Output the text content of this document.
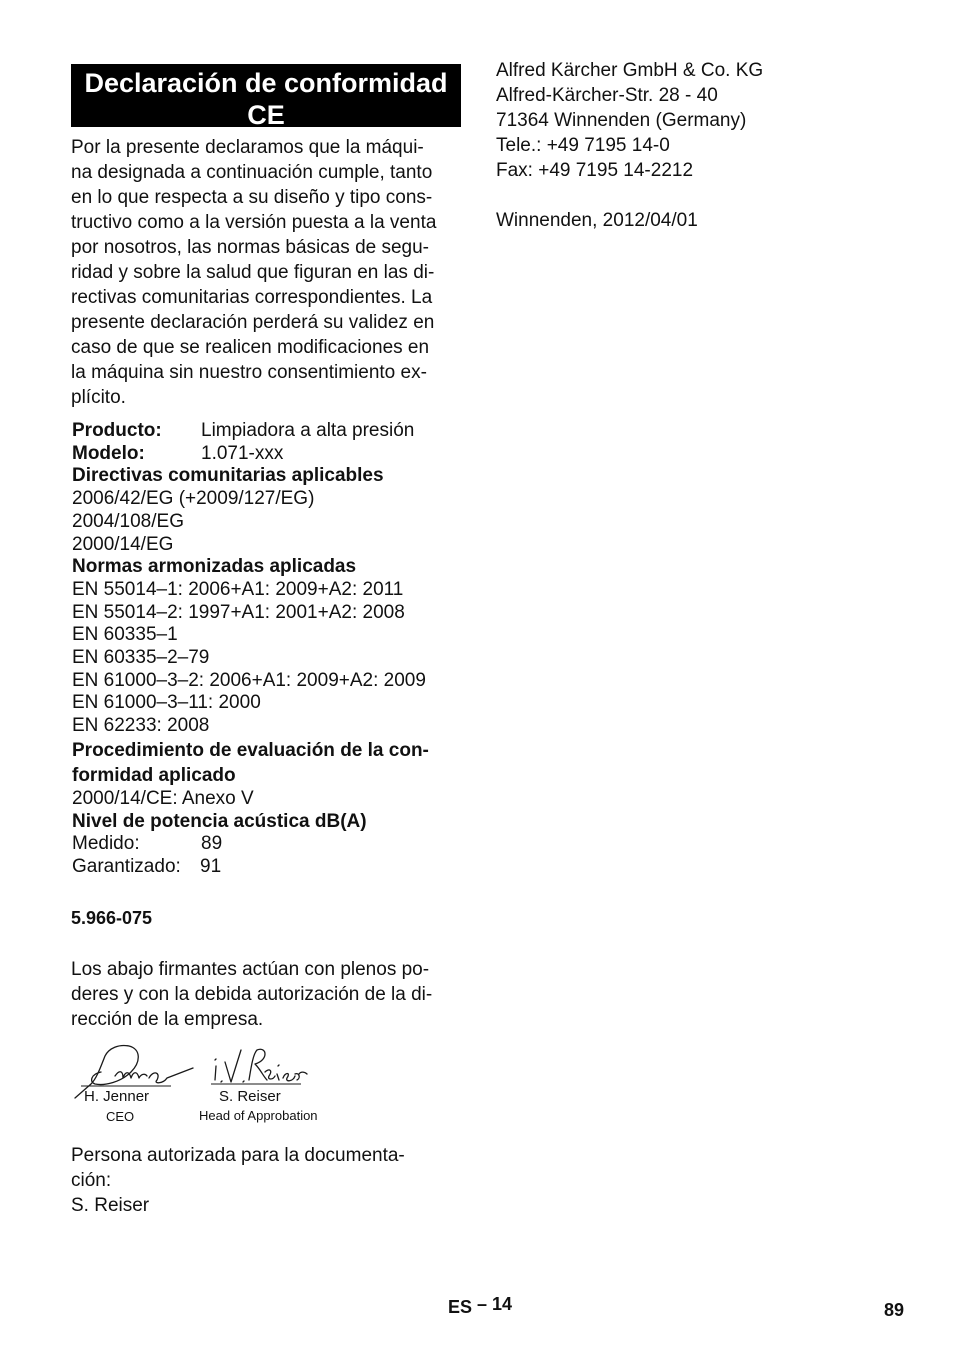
Declaración de conformidad
CE
Por la presente declaramos que la máqui-
na designada a continuación cumple, tanto
en lo que respecta a su diseño y tipo cons-
tructivo como a la versión puesta a la venta
por nosotros, las normas básicas de segu-
ridad y sobre la salud que figuran en las di-
rectivas comunitarias correspondientes. La
presente declaración perderá su validez en
caso de que se realicen modificaciones en
la máquina sin nuestro consentimiento ex-
plícito.
Producto:	Limpiadora a alta presión
Modelo:	1.071-xxx
Directivas comunitarias aplicables
2006/42/EG (+2009/127/EG)
2004/108/EG
2000/14/EG
Normas armonizadas aplicadas
EN 55014–1: 2006+A1: 2009+A2: 2011
EN 55014–2: 1997+A1: 2001+A2: 2008
EN 60335–1
EN 60335–2–79
EN 61000–3–2: 2006+A1: 2009+A2: 2009
EN 61000–3–11: 2000
EN 62233: 2008
Procedimiento de evaluación de la con-
formidad aplicado
2000/14/CE: Anexo V
Nivel de potencia acústica dB(A)
Medido:	89
Garantizado:	91
5.966-075
Los abajo firmantes actúan con plenos po-
deres y con la debida autorización de la di-
rección de la empresa.
H. Jenner
CEO
S. Reiser
Head of Approbation
Persona autorizada para la documenta-
ción:
S. Reiser
Alfred Kärcher GmbH & Co. KG
Alfred-Kärcher-Str. 28 - 40
71364 Winnenden (Germany)
Tele.: +49 7195 14-0
Fax: +49 7195 14-2212
Winnenden, 2012/04/01
ES – 14	89
